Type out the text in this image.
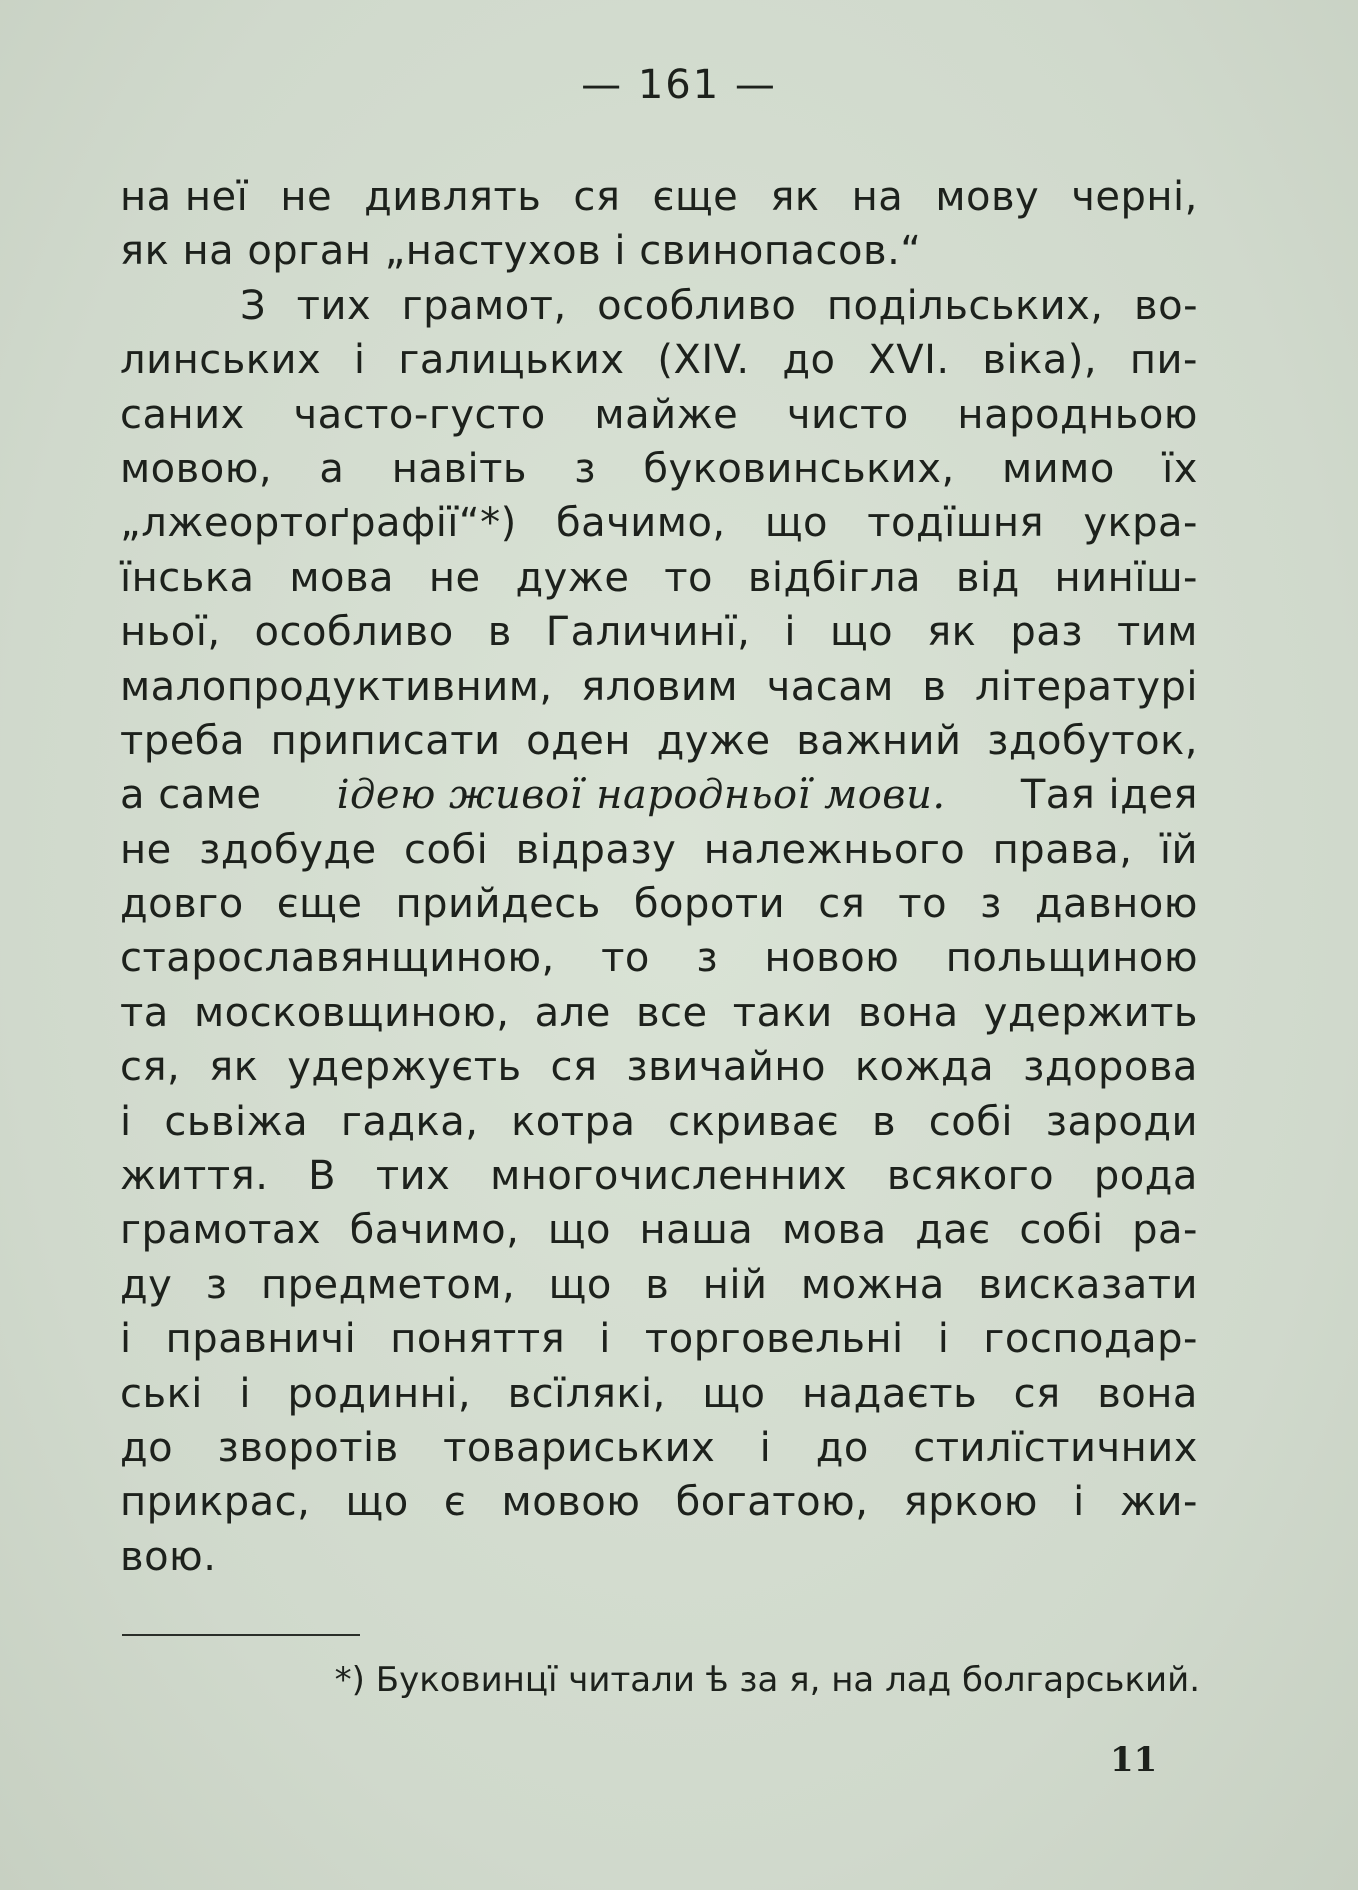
— 161 —
на неї не дивлять ся єще як на мову черні,
як на орган „настухов і свинопасов.“
З тих грамот, особливо подільських, во-
линських і галицьких (XIV. до XVI. віка), пи-
саних часто-густо майже чисто народньою
мовою, а навіть з буковинських, мимо їх
„лжеортоґрафії“*) бачимо, що тодїшня укра-
їнська мова не дуже то відбігла від нинїш-
ньої, особливо в Галичинї, і що як раз тим
малопродуктивним, яловим часам в літературі
треба приписати оден дуже важний здобуток,
а саме ідею живої народньої мови. Тая ідея
не здобуде собі відразу належнього права, їй
довго єще прийдесь бороти ся то з давною
старославянщиною, то з новою польщиною
та московщиною, але все таки вона удержить
ся, як удержуєть ся звичайно кожда здорова
і сьвіжа гадка, котра скриває в собі зароди
життя. В тих многочисленних всякого рода
грамотах бачимо, що наша мова дає собі ра-
ду з предметом, що в ній можна висказати
і правничі поняття і торговельні і господар-
ські і родинні, всїлякі, що надаєть ся вона
до зворотів товариських і до стилїстичних
прикрас, що є мовою богатою, яркою і жи-
вою.
*) Буковинцї читали ѣ за я, на лад болгарський.
11
